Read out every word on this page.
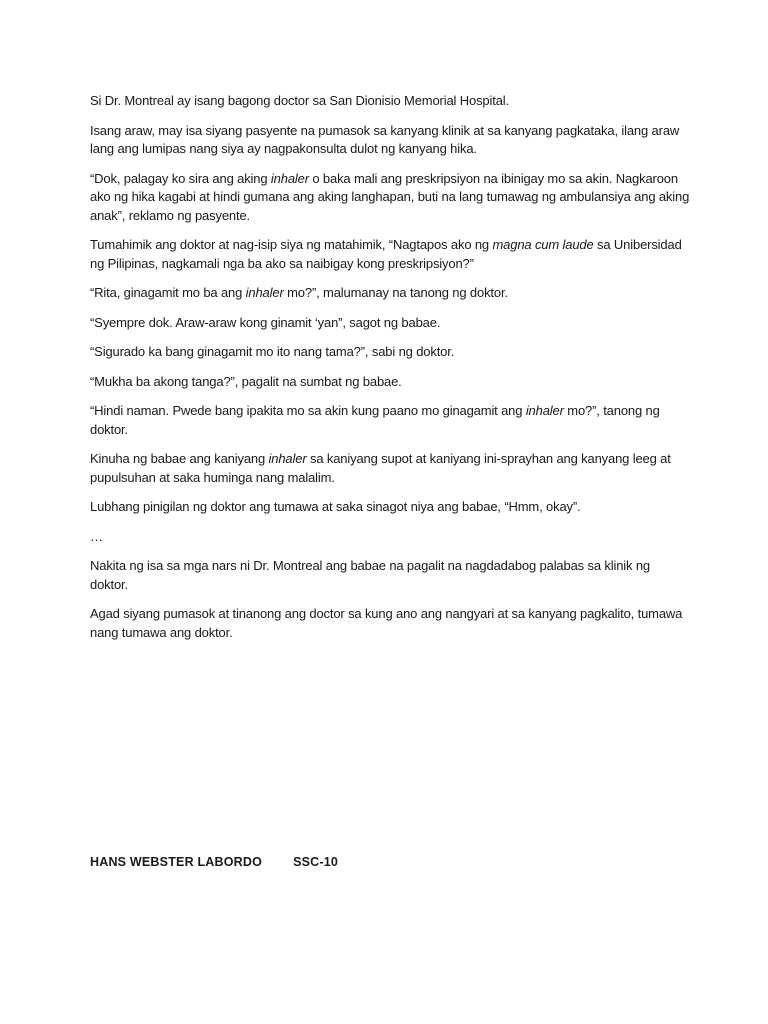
Si Dr. Montreal ay isang bagong doctor sa San Dionisio Memorial Hospital.

Isang araw, may isa siyang pasyente na pumasok sa kanyang klinik at sa kanyang pagkataka, ilang araw lang ang lumipas nang siya ay nagpakonsulta dulot ng kanyang hika.

“Dok, palagay ko sira ang aking inhaler o baka mali ang preskripsiyon na ibinigay mo sa akin. Nagkaroon ako ng hika kagabi at hindi gumana ang aking langhapan, buti na lang tumawag ng ambulansiya ang aking anak”, reklamo ng pasyente.

Tumahimik ang doktor at nag-isip siya ng matahimik, “Nagtapos ako ng magna cum laude sa Unibersidad ng Pilipinas, nagkamali nga ba ako sa naibigay kong preskripsiyon?”

“Rita, ginagamit mo ba ang inhaler mo?”, malumanay na tanong ng doktor.

“Syempre dok. Araw-araw kong ginamit ‘yan”, sagot ng babae.

“Sigurado ka bang ginagamit mo ito nang tama?”, sabi ng doktor.

“Mukha ba akong tanga?”, pagalit na sumbat ng babae.

“Hindi naman. Pwede bang ipakita mo sa akin kung paano mo ginagamit ang inhaler mo?”, tanong ng doktor.

Kinuha ng babae ang kaniyang inhaler sa kaniyang supot at kaniyang ini-sprayhan ang kanyang leeg at pupulsuhan at saka huminga nang malalim.

Lubhang pinigilan ng doktor ang tumawa at saka sinagot niya ang babae, “Hmm, okay”.

…

Nakita ng isa sa mga nars ni Dr. Montreal ang babae na pagalit na nagdadabog palabas sa klinik ng doktor.

Agad siyang pumasok at tinanong ang doctor sa kung ano ang nangyari at sa kanyang pagkalito, tumawa nang tumawa ang doktor.

HANS WEBSTER LABORDO SSC-10
